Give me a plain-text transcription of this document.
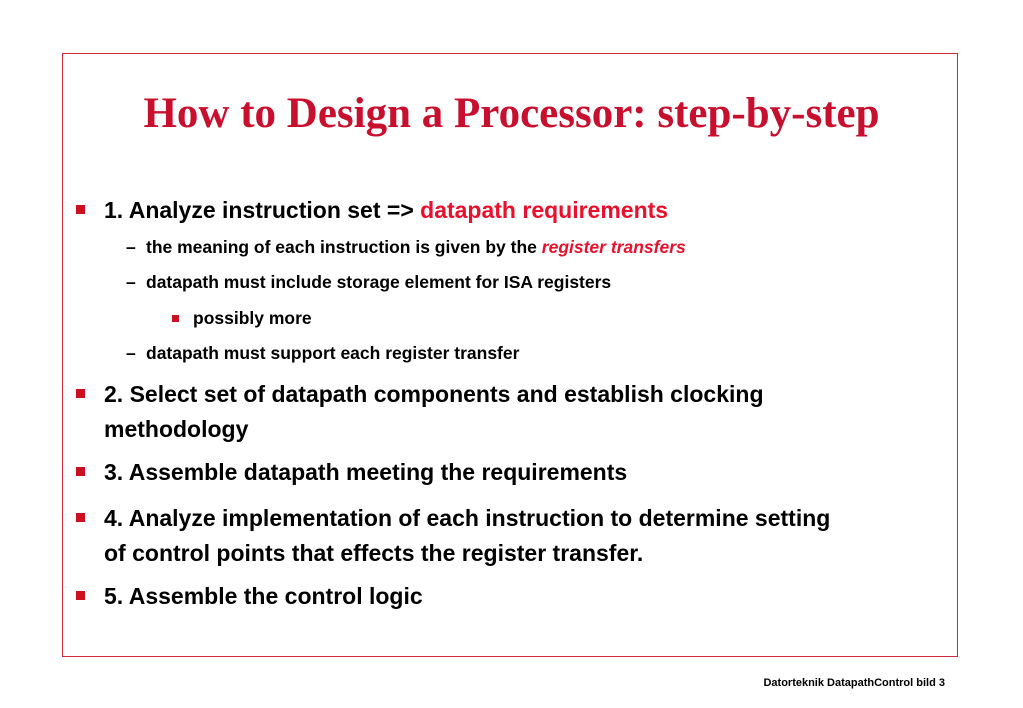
How to Design a Processor: step-by-step
1. Analyze instruction set => datapath requirements
– the meaning of each instruction is given by the register transfers
– datapath must include storage element for ISA registers
possibly more
– datapath must support each register transfer
2. Select set of datapath components and establish clocking
methodology
3. Assemble datapath meeting the requirements
4. Analyze implementation of each instruction to determine setting
of control points that effects the register transfer.
5. Assemble the control logic
Datorteknik DatapathControl bild 3
